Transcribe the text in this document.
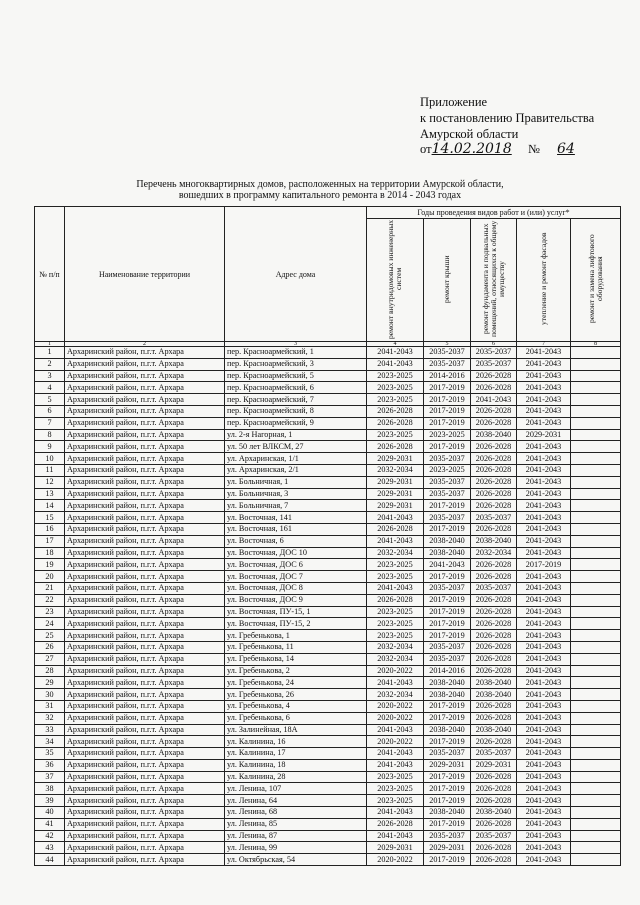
Приложение
к постановлению Правительства
Амурской области
от14.02.2018 № 64
Перечень многоквартирных домов, расположенных на территории Амурской области,
вошедших в программу капитального ремонта в 2014 - 2043 годах
№ п/п	Наименование территории	Адрес дома	Годы проведения видов работ и (или) услуг*				
			ремонт внутридомовых инженерных систем	ремонт крыши	ремонт фундамента и подвальных помещений, относящихся к общему имуществу	утепление и ремонт фасадов	ремонт и замена лифтового оборудования
1	2	3	4	5	6	7	8
1	Архаринский район, п.г.т. Архара	пер. Красноармейский, 1	2041-2043	2035-2037	2035-2037	2041-2043	
2	Архаринский район, п.г.т. Архара	пер. Красноармейский, 3	2041-2043	2035-2037	2035-2037	2041-2043	
3	Архаринский район, п.г.т. Архара	пер. Красноармейский, 5	2023-2025	2014-2016	2026-2028	2041-2043	
4	Архаринский район, п.г.т. Архара	пер. Красноармейский, 6	2023-2025	2017-2019	2026-2028	2041-2043	
5	Архаринский район, п.г.т. Архара	пер. Красноармейский, 7	2023-2025	2017-2019	2041-2043	2041-2043	
6	Архаринский район, п.г.т. Архара	пер. Красноармейский, 8	2026-2028	2017-2019	2026-2028	2041-2043	
7	Архаринский район, п.г.т. Архара	пер. Красноармейский, 9	2026-2028	2017-2019	2026-2028	2041-2043	
8	Архаринский район, п.г.т. Архара	ул. 2-я Нагорная, 1	2023-2025	2023-2025	2038-2040	2029-2031	
9	Архаринский район, п.г.т. Архара	ул. 50 лет ВЛКСМ, 27	2026-2028	2017-2019	2026-2028	2041-2043	
10	Архаринский район, п.г.т. Архара	ул. Архаринская, 1/1	2029-2031	2035-2037	2026-2028	2041-2043	
11	Архаринский район, п.г.т. Архара	ул. Архаринская, 2/1	2032-2034	2023-2025	2026-2028	2041-2043	
12	Архаринский район, п.г.т. Архара	ул. Больничная, 1	2029-2031	2035-2037	2026-2028	2041-2043	
13	Архаринский район, п.г.т. Архара	ул. Больничная, 3	2029-2031	2035-2037	2026-2028	2041-2043	
14	Архаринский район, п.г.т. Архара	ул. Больничная, 7	2029-2031	2017-2019	2026-2028	2041-2043	
15	Архаринский район, п.г.т. Архара	ул. Восточная, 141	2041-2043	2035-2037	2035-2037	2041-2043	
16	Архаринский район, п.г.т. Архара	ул. Восточная, 161	2026-2028	2017-2019	2026-2028	2041-2043	
17	Архаринский район, п.г.т. Архара	ул. Восточная, 6	2041-2043	2038-2040	2038-2040	2041-2043	
18	Архаринский район, п.г.т. Архара	ул. Восточная, ДОС 10	2032-2034	2038-2040	2032-2034	2041-2043	
19	Архаринский район, п.г.т. Архара	ул. Восточная, ДОС 6	2023-2025	2041-2043	2026-2028	2017-2019	
20	Архаринский район, п.г.т. Архара	ул. Восточная, ДОС 7	2023-2025	2017-2019	2026-2028	2041-2043	
21	Архаринский район, п.г.т. Архара	ул. Восточная, ДОС 8	2041-2043	2035-2037	2035-2037	2041-2043	
22	Архаринский район, п.г.т. Архара	ул. Восточная, ДОС 9	2026-2028	2017-2019	2026-2028	2041-2043	
23	Архаринский район, п.г.т. Архара	ул. Восточная, ПУ-15, 1	2023-2025	2017-2019	2026-2028	2041-2043	
24	Архаринский район, п.г.т. Архара	ул. Восточная, ПУ-15, 2	2023-2025	2017-2019	2026-2028	2041-2043	
25	Архаринский район, п.г.т. Архара	ул. Гребенькова, 1	2023-2025	2017-2019	2026-2028	2041-2043	
26	Архаринский район, п.г.т. Архара	ул. Гребенькова, 11	2032-2034	2035-2037	2026-2028	2041-2043	
27	Архаринский район, п.г.т. Архара	ул. Гребенькова, 14	2032-2034	2035-2037	2026-2028	2041-2043	
28	Архаринский район, п.г.т. Архара	ул. Гребенькова, 2	2020-2022	2014-2016	2026-2028	2041-2043	
29	Архаринский район, п.г.т. Архара	ул. Гребенькова, 24	2041-2043	2038-2040	2038-2040	2041-2043	
30	Архаринский район, п.г.т. Архара	ул. Гребенькова, 26	2032-2034	2038-2040	2038-2040	2041-2043	
31	Архаринский район, п.г.т. Архара	ул. Гребенькова, 4	2020-2022	2017-2019	2026-2028	2041-2043	
32	Архаринский район, п.г.т. Архара	ул. Гребенькова, 6	2020-2022	2017-2019	2026-2028	2041-2043	
33	Архаринский район, п.г.т. Архара	ул. Залинейная, 18А	2041-2043	2038-2040	2038-2040	2041-2043	
34	Архаринский район, п.г.т. Архара	ул. Калинина, 16	2020-2022	2017-2019	2026-2028	2041-2043	
35	Архаринский район, п.г.т. Архара	ул. Калинина, 17	2041-2043	2035-2037	2035-2037	2041-2043	
36	Архаринский район, п.г.т. Архара	ул. Калинина, 18	2041-2043	2029-2031	2029-2031	2041-2043	
37	Архаринский район, п.г.т. Архара	ул. Калинина, 28	2023-2025	2017-2019	2026-2028	2041-2043	
38	Архаринский район, п.г.т. Архара	ул. Ленина, 107	2023-2025	2017-2019	2026-2028	2041-2043	
39	Архаринский район, п.г.т. Архара	ул. Ленина, 64	2023-2025	2017-2019	2026-2028	2041-2043	
40	Архаринский район, п.г.т. Архара	ул. Ленина, 68	2041-2043	2038-2040	2038-2040	2041-2043	
41	Архаринский район, п.г.т. Архара	ул. Ленина, 85	2026-2028	2017-2019	2026-2028	2041-2043	
42	Архаринский район, п.г.т. Архара	ул. Ленина, 87	2041-2043	2035-2037	2035-2037	2041-2043	
43	Архаринский район, п.г.т. Архара	ул. Ленина, 99	2029-2031	2029-2031	2026-2028	2041-2043	
44	Архаринский район, п.г.т. Архара	ул. Октябрьская, 54	2020-2022	2017-2019	2026-2028	2041-2043	
